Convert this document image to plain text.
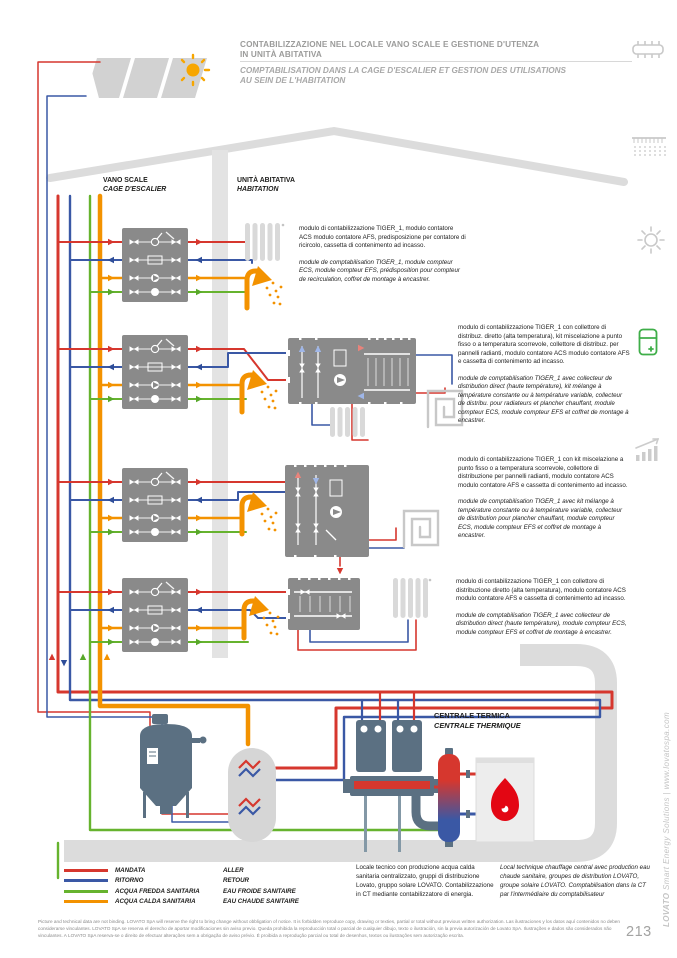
CONTABILIZZAZIONE NEL LOCALE VANO SCALE E GESTIONE D'UTENZA
IN UNITÀ ABITATIVA
COMPTABILISATION DANS LA CAGE D'ESCALIER ET GESTION DES UTILISATIONS
AU SEIN DE L'HABITATION
VANO SCALE
CAGE D'ESCALIER
UNITÀ ABITATIVA
HABITATION
CENTRALE TERMICA
CENTRALE THERMIQUE

modulo di contabilizzazione TIGER_1, modulo contatore ACS modulo contatore AFS, predisposizione per contatore di ricircolo, cassetta di contenimento ad incasso.

module de comptabilisation TIGER_1, module compteur ECS, module compteur EFS, prédisposition pour compteur de recirculation, coffret de montage à encastrer.

modulo di contabilizzazione TIGER_1 con collettore di distribuz. diretto (alta temperatura), kit miscelazione a punto fisso o a temperatura scorrevole, collettore di distribuz. per pannelli radianti, modulo contatore ACS modulo contatore AFS e cassetta di contenimento ad incasso.

module de comptabilisation TIGER_1 avec collecteur de distribution direct (haute température), kit mélange à température constante ou à température variable, collecteur de distribu. pour radiateurs et plancher chauffant, module compteur ECS, module compteur EFS et coffret de montage à encastrer.

modulo di contabilizzazione TIGER_1 con kit miscelazione a punto fisso o a temperatura scorrevole, collettore di distribuzione per pannelli radianti, modulo contatore ACS modulo contatore AFS e cassetta di contenimento ad incasso.

module de comptabilisation TIGER_1 avec kit mélange à température constante ou à température variable, collecteur de distribution pour plancher chauffant, module compteur ECS, module compteur EFS et coffret de montage à encastrer.

modulo di contabilizzazione TIGER_1 con collettore di distribuzione diretto (alta temperatura), modulo contatore ACS modulo contatore AFS e cassetta di contenimento ad incasso.

module de comptabilisation TIGER_1 avec collecteur de distribution direct (haute température), module compteur ECS, module compteur EFS et coffret de montage à encastrer.

MANDATA	ALLER
RITORNO	RETOUR
ACQUA FREDDA SANITARIA	EAU FROIDE SANITAIRE
ACQUA CALDA SANITARIA	EAU CHAUDE SANITAIRE
Locale tecnico con produzione acqua calda sanitaria centralizzato, gruppi di distribuzione Lovato, gruppo solare LOVATO. Contabilizzazione in CT mediante contabilizzatore di energia.
Local technique chauffage central avec production eau chaude sanitaire, groupes de distribution LOVATO, groupe solaire LOVATO. Comptabilisation dans la CT par l'intermédiaire du comptabilisateur
Picture and technical data are not binding. LOVATO SpA will reserve the right to bring change without obbligation of notice. It is forbidden reproduce copy, drawing or texties, partial or total without previous written authorization. Las ilustraciones y los datos aquí contenidos no deben considerarse vinculantes. LOVATO SpA se reserva el derecho de aportar modificaciones sin aviso previo. Queda prohibida la reproducción total o parcial de cualquier dibujo, texto o ilustración, sin la previa autorización de Lovato SpA. Ilustrações e dados são considerados não vinculantes. A LOVATO SpA reserva-se o direito de efectuar alterações sem a obrigação de aviso prévio. É proibida a reprodução parcial ou total de desenhos, textos ou ilustrações sem autorização escrita.	213
LOVATO Smart Energy Solutions | www.lovatospa.com
